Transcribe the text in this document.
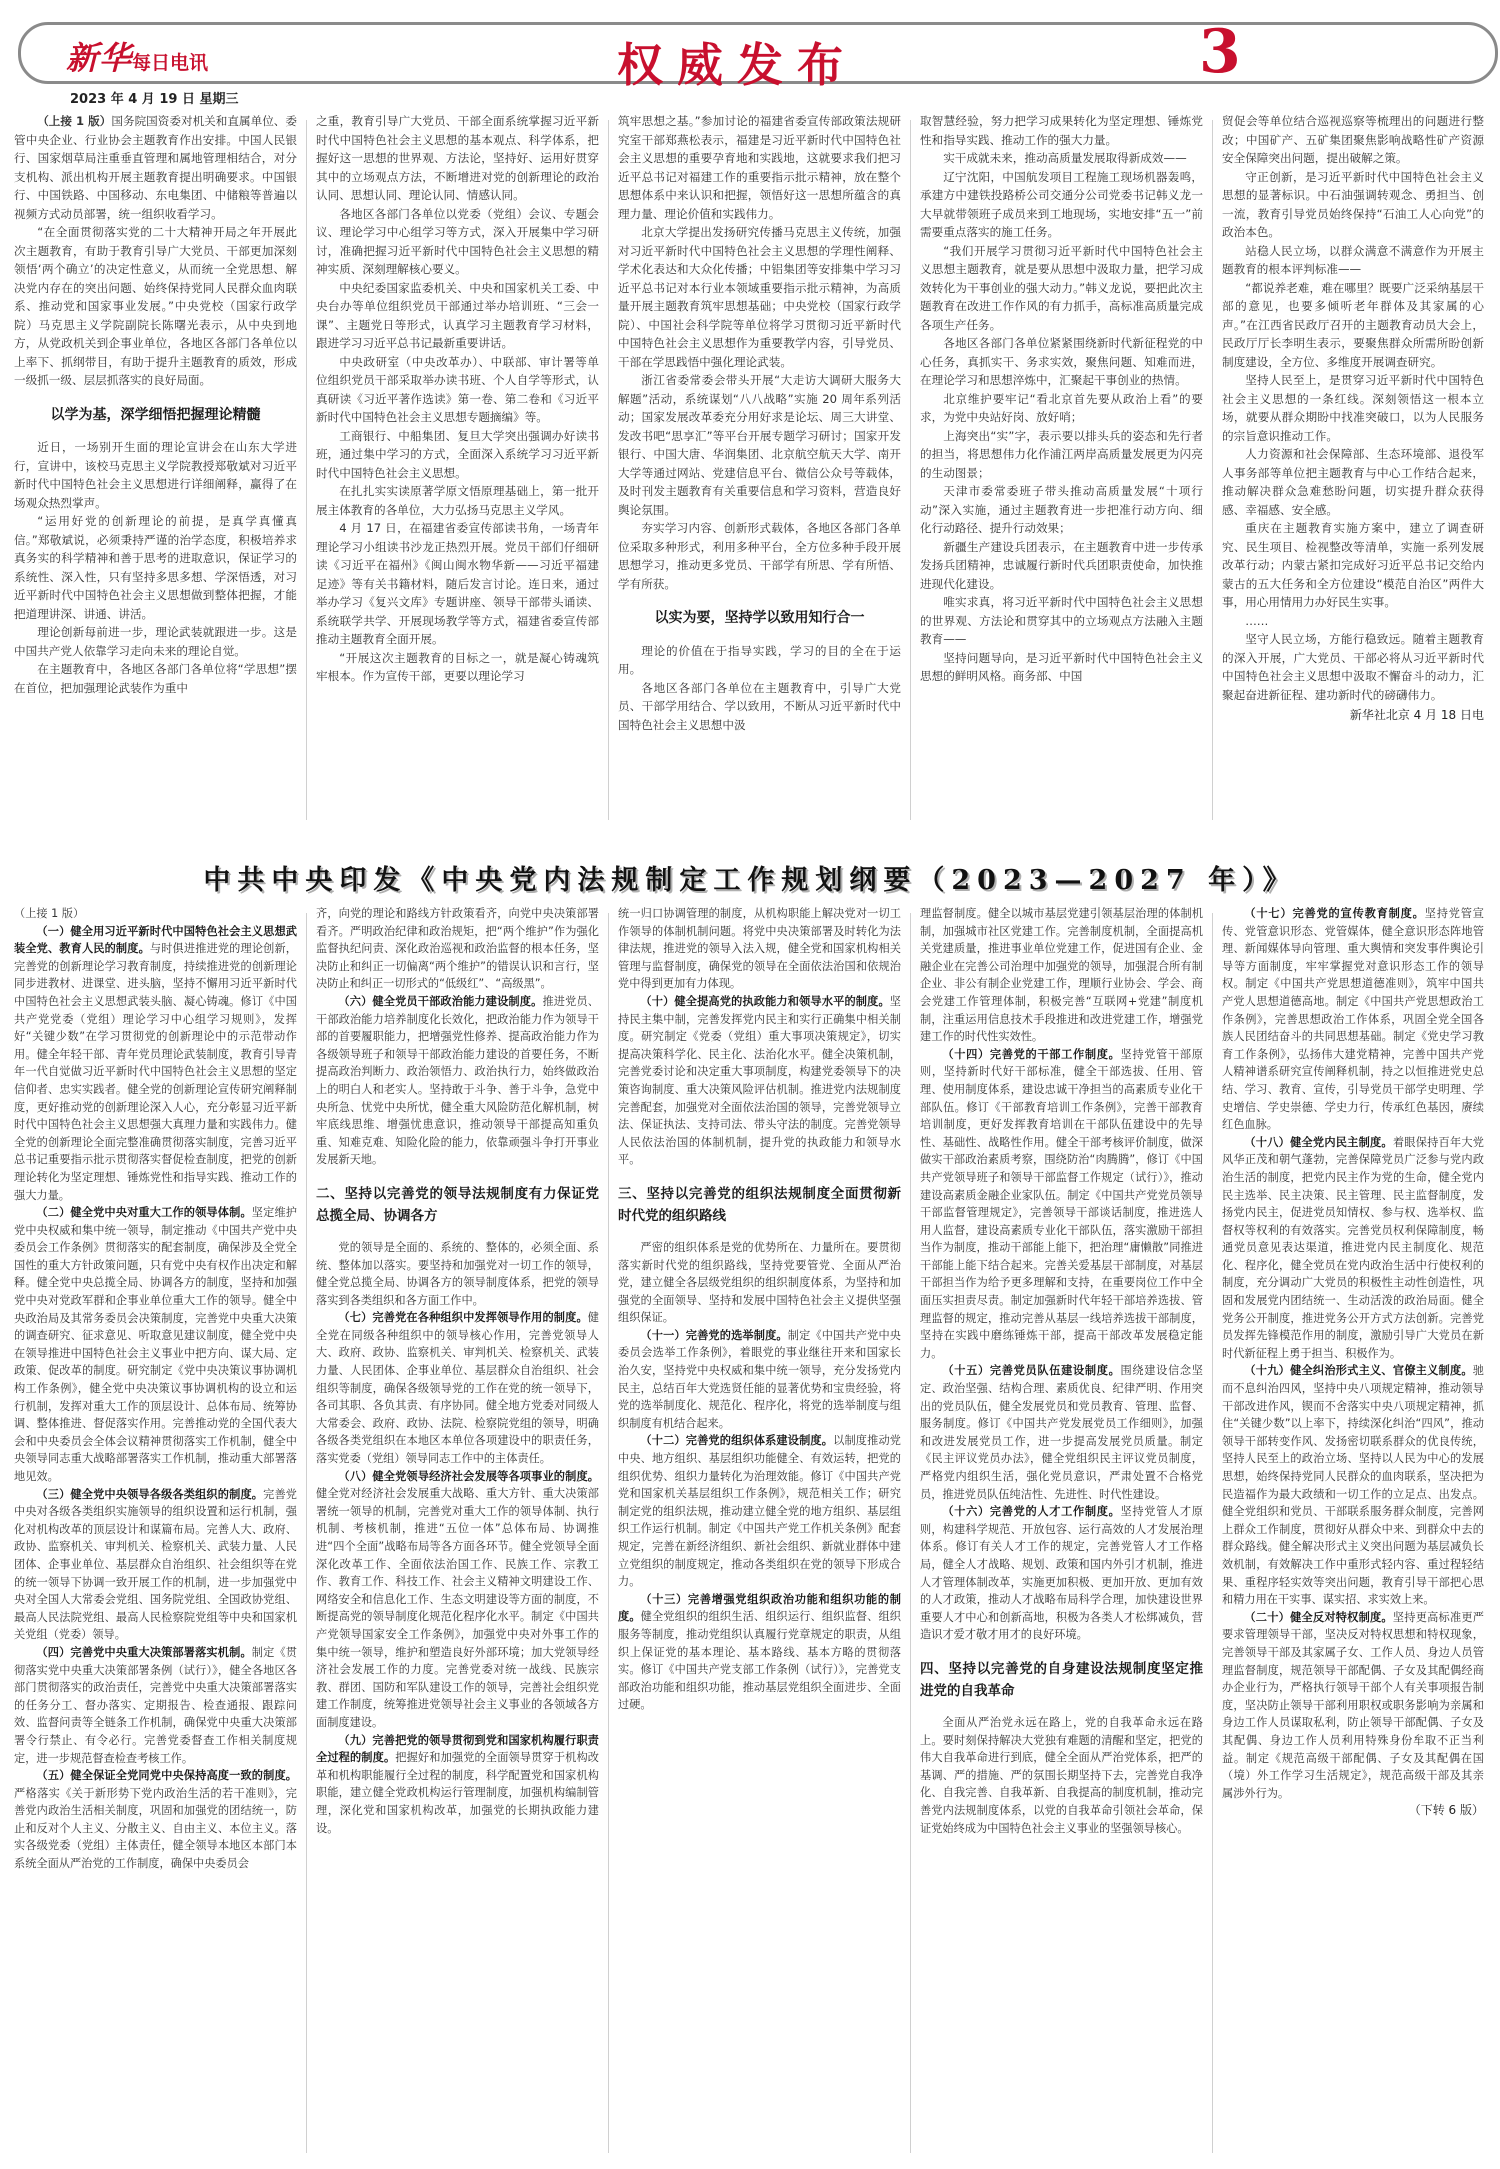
新华每日电讯	权威发布	3
2023 年 4 月 19 日 星期三

（上接 1 版）国务院国资委对机关和直属单位、委管中央企业、行业协会主题教育作出安排。中国人民银行、国家烟草局注重垂直管理和属地管理相结合，对分支机构、派出机构开展主题教育提出明确要求。中国银行、中国铁路、中国移动、东电集团、中储粮等普遍以视频方式动员部署，统一组织收看学习。

“在全面贯彻落实党的二十大精神开局之年开展此次主题教育，有助于教育引导广大党员、干部更加深刻领悟‘两个确立’的决定性意义，从而统一全党思想、解决党内存在的突出问题、始终保持党同人民群众血肉联系、推动党和国家事业发展。”中央党校（国家行政学院）马克思主义学院副院长陈曙光表示，从中央到地方，从党政机关到企事业单位，各地区各部门各单位以上率下、抓纲带目，有助于提升主题教育的质效，形成一级抓一级、层层抓落实的良好局面。

以学为基，深学细悟把握理论精髓

近日，一场别开生面的理论宣讲会在山东大学进行，宣讲中，该校马克思主义学院教授郑敬斌对习近平新时代中国特色社会主义思想进行详细阐释，赢得了在场观众热烈掌声。

“运用好党的创新理论的前提，是真学真懂真信。”郑敬斌说，必须秉持严谨的治学态度，积极培养求真务实的科学精神和善于思考的进取意识，保证学习的系统性、深入性，只有坚持多思多想、学深悟透，对习近平新时代中国特色社会主义思想做到整体把握，才能把道理讲深、讲通、讲活。

理论创新每前进一步，理论武装就跟进一步。这是中国共产党人依靠学习走向未来的理论自觉。

在主题教育中，各地区各部门各单位将“学思想”摆在首位，把加强理论武装作为重中

之重，教育引导广大党员、干部全面系统掌握习近平新时代中国特色社会主义思想的基本观点、科学体系，把握好这一思想的世界观、方法论，坚持好、运用好贯穿其中的立场观点方法，不断增进对党的创新理论的政治认同、思想认同、理论认同、情感认同。

各地区各部门各单位以党委（党组）会议、专题会议、理论学习中心组学习等方式，深入开展集中学习研讨，准确把握习近平新时代中国特色社会主义思想的精神实质、深刻理解核心要义。

中央纪委国家监委机关、中央和国家机关工委、中央台办等单位组织党员干部通过举办培训班、“三会一课”、主题党日等形式，认真学习主题教育学习材料，跟进学习习近平总书记最新重要讲话。

中央政研室（中央改革办）、中联部、审计署等单位组织党员干部采取举办读书班、个人自学等形式，认真研读《习近平著作选读》第一卷、第二卷和《习近平新时代中国特色社会主义思想专题摘编》等。

工商银行、中船集团、复旦大学突出强调办好读书班，通过集中学习的方式，全面深入系统学习习近平新时代中国特色社会主义思想。

在扎扎实实读原著学原文悟原理基础上，第一批开展主体教育的各单位，大力弘扬马克思主义学风。

4 月 17 日，在福建省委宣传部读书角，一场青年理论学习小组读书沙龙正热烈开展。党员干部们仔细研读《习近平在福州》《闽山闽水物华新——习近平福建足迹》等有关书籍材料，随后发言讨论。连日来，通过举办学习《复兴文库》专题讲座、领导干部带头诵读、系统联学共学、开展现场教学等方式，福建省委宣传部推动主题教育全面开展。

“开展这次主题教育的目标之一，就是凝心铸魂筑牢根本。作为宣传干部，更要以理论学习

筑牢思想之基。”参加讨论的福建省委宣传部政策法规研究室干部郑燕松表示，福建是习近平新时代中国特色社会主义思想的重要孕育地和实践地，这就要求我们把习近平总书记对福建工作的重要指示批示精神，放在整个思想体系中来认识和把握，领悟好这一思想所蕴含的真理力量、理论价值和实践伟力。

北京大学提出发扬研究传播马克思主义传统，加强对习近平新时代中国特色社会主义思想的学理性阐释、学术化表达和大众化传播；中铝集团等安排集中学习习近平总书记对本行业本领域重要指示批示精神，为高质量开展主题教育筑牢思想基础；中央党校（国家行政学院）、中国社会科学院等单位将学习贯彻习近平新时代中国特色社会主义思想作为重要教学内容，引导党员、干部在学思践悟中强化理论武装。

浙江省委常委会带头开展“大走访大调研大服务大解题”活动，系统谋划“八八战略”实施 20 周年系列活动；国家发展改革委充分用好求是论坛、周三大讲堂、发改书吧“思享汇”等平台开展专题学习研讨；国家开发银行、中国大唐、华润集团、北京航空航天大学、南开大学等通过网站、党建信息平台、微信公众号等载体，及时刊发主题教育有关重要信息和学习资料，营造良好舆论氛围。

夯实学习内容、创新形式载体，各地区各部门各单位采取多种形式，利用多种平台，全方位多种手段开展思想学习，推动更多党员、干部学有所思、学有所悟、学有所获。

以实为要，坚持学以致用知行合一

理论的价值在于指导实践，学习的目的全在于运用。

各地区各部门各单位在主题教育中，引导广大党员、干部学用结合、学以致用，不断从习近平新时代中国特色社会主义思想中汲

取智慧经验，努力把学习成果转化为坚定理想、锤炼党性和指导实践、推动工作的强大力量。

实干成就未来，推动高质量发展取得新成效——

辽宁沈阳，中国航发项目工程施工现场机器轰鸣，承建方中建铁投路桥公司交通分公司党委书记韩义龙一大早就带领班子成员来到工地现场，实地安排“五一”前需要重点落实的施工任务。

“我们开展学习贯彻习近平新时代中国特色社会主义思想主题教育，就是要从思想中汲取力量，把学习成效转化为干事创业的强大动力。”韩义龙说，要把此次主题教育在改进工作作风的有力抓手，高标准高质量完成各项生产任务。

各地区各部门各单位紧紧围绕新时代新征程党的中心任务，真抓实干、务求实效，聚焦问题、知难而进，在理论学习和思想淬炼中，汇聚起干事创业的热情。

北京维护要牢记“看北京首先要从政治上看”的要求，为党中央站好岗、放好哨；

上海突出“实”字，表示要以排头兵的姿态和先行者的担当，将思想伟力化作浦江两岸高质量发展更为闪亮的生动图景；

天津市委常委班子带头推动高质量发展“十项行动”深入实施，通过主题教育进一步把准行动方向、细化行动路径、提升行动效果；

新疆生产建设兵团表示，在主题教育中进一步传承发扬兵团精神，忠诚履行新时代兵团职责使命，加快推进现代化建设。

唯实求真，将习近平新时代中国特色社会主义思想的世界观、方法论和贯穿其中的立场观点方法融入主题教育——

坚持问题导向，是习近平新时代中国特色社会主义思想的鲜明风格。商务部、中国

贸促会等单位结合巡视巡察等梳理出的问题进行整改；中国矿产、五矿集团聚焦影响战略性矿产资源安全保障突出问题，提出破解之策。

守正创新，是习近平新时代中国特色社会主义思想的显著标识。中石油强调转观念、勇担当、创一流，教育引导党员始终保持“石油工人心向党”的政治本色。

站稳人民立场，以群众满意不满意作为开展主题教育的根本评判标准——

“都说养老难，难在哪里？既要广泛采纳基层干部的意见，也要多倾听老年群体及其家属的心声。”在江西省民政厅召开的主题教育动员大会上，民政厅厅长李明生表示，要聚焦群众所需所盼创新制度建设，全方位、多维度开展调查研究。

坚持人民至上，是贯穿习近平新时代中国特色社会主义思想的一条红线。深刻领悟这一根本立场，就要从群众期盼中找准突破口，以为人民服务的宗旨意识推动工作。

人力资源和社会保障部、生态环境部、退役军人事务部等单位把主题教育与中心工作结合起来，推动解决群众急难愁盼问题，切实提升群众获得感、幸福感、安全感。

重庆在主题教育实施方案中，建立了调查研究、民生项目、检视整改等清单，实施一系列发展改革行动；内蒙古紧扣完成好习近平总书记交给内蒙古的五大任务和全方位建设“模范自治区”两件大事，用心用情用力办好民生实事。

……

坚守人民立场，方能行稳致远。随着主题教育的深入开展，广大党员、干部必将从习近平新时代中国特色社会主义思想中汲取不懈奋斗的动力，汇聚起奋进新征程、建功新时代的磅礴伟力。

新华社北京 4 月 18 日电

中共中央印发《中央党内法规制定工作规划纲要（2023—2027 年）》

（上接 1 版）

（一）健全用习近平新时代中国特色社会主义思想武装全党、教育人民的制度。与时俱进推进党的理论创新，完善党的创新理论学习教育制度，持续推进党的创新理论同步进教材、进课堂、进头脑，坚持不懈用习近平新时代中国特色社会主义思想武装头脑、凝心铸魂。修订《中国共产党党委（党组）理论学习中心组学习规则》，发挥好“关键少数”在学习贯彻党的创新理论中的示范带动作用。健全年轻干部、青年党员理论武装制度，教育引导青年一代自觉做习近平新时代中国特色社会主义思想的坚定信仰者、忠实实践者。健全党的创新理论宣传研究阐释制度，更好推动党的创新理论深入人心，充分彰显习近平新时代中国特色社会主义思想强大真理力量和实践伟力。健全党的创新理论全面完整准确贯彻落实制度，完善习近平总书记重要指示批示贯彻落实督促检查制度，把党的创新理论转化为坚定理想、锤炼党性和指导实践、推动工作的强大力量。

（二）健全党中央对重大工作的领导体制。坚定维护党中央权威和集中统一领导，制定推动《中国共产党中央委员会工作条例》贯彻落实的配套制度，确保涉及全党全国性的重大方针政策问题，只有党中央有权作出决定和解释。健全党中央总揽全局、协调各方的制度，坚持和加强党中央对党政军群和企事业单位重大工作的领导。健全中央政治局及其常务委员会决策制度，完善党中央重大决策的调查研究、征求意见、听取意见建议制度，健全党中央在领导推进中国特色社会主义事业中把方向、谋大局、定政策、促改革的制度。研究制定《党中央决策议事协调机构工作条例》，健全党中央决策议事协调机构的设立和运行机制，发挥对重大工作的顶层设计、总体布局、统筹协调、整体推进、督促落实作用。完善推动党的全国代表大会和中央委员会全体会议精神贯彻落实工作机制，健全中央领导同志重大战略部署落实工作机制，推动重大部署落地见效。

（三）健全党中央领导各级各类组织的制度。完善党中央对各级各类组织实施领导的组织设置和运行机制，强化对机构改革的顶层设计和谋篇布局。完善人大、政府、政协、监察机关、审判机关、检察机关、武装力量、人民团体、企事业单位、基层群众自治组织、社会组织等在党的统一领导下协调一致开展工作的机制，进一步加强党中央对全国人大常委会党组、国务院党组、全国政协党组、最高人民法院党组、最高人民检察院党组等中央和国家机关党组（党委）领导。

（四）完善党中央重大决策部署落实机制。制定《贯彻落实党中央重大决策部署条例（试行）》，健全各地区各部门贯彻落实的政治责任，完善党中央重大决策部署落实的任务分工、督办落实、定期报告、检查通报、跟踪问效、监督问责等全链条工作机制，确保党中央重大决策部署令行禁止、有令必行。完善党委督查工作相关制度规定，进一步规范督查检查考核工作。

（五）健全保证全党同党中央保持高度一致的制度。严格落实《关于新形势下党内政治生活的若干准则》，完善党内政治生活相关制度，巩固和加强党的团结统一，防止和反对个人主义、分散主义、自由主义、本位主义。落实各级党委（党组）主体责任，健全领导本地区本部门本系统全面从严治党的工作制度，确保中央委员会

齐，向党的理论和路线方针政策看齐，向党中央决策部署看齐。严明政治纪律和政治规矩，把“两个维护”作为强化监督执纪问责、深化政治巡视和政治监督的根本任务，坚决防止和纠正一切偏离“两个维护”的错误认识和言行，坚决防止和纠正一切形式的“低级红”、“高级黑”。

（六）健全党员干部政治能力建设制度。推进党员、干部政治能力培养制度化长效化，把政治能力作为领导干部的首要履职能力，把增强党性修养、提高政治能力作为各级领导班子和领导干部政治能力建设的首要任务，不断提高政治判断力、政治领悟力、政治执行力，始终做政治上的明白人和老实人。坚持敢于斗争、善于斗争，急党中央所急、忧党中央所忧，健全重大风险防范化解机制，树牢底线思维、增强忧患意识，推动领导干部提高知重负重、知难克难、知险化险的能力，依靠顽强斗争打开事业发展新天地。

二、坚持以完善党的领导法规制度有力保证党总揽全局、协调各方

党的领导是全面的、系统的、整体的，必须全面、系统、整体加以落实。要坚持和加强党对一切工作的领导，健全党总揽全局、协调各方的领导制度体系，把党的领导落实到各类组织和各方面工作中。

（七）完善党在各种组织中发挥领导作用的制度。健全党在同级各种组织中的领导核心作用，完善党领导人大、政府、政协、监察机关、审判机关、检察机关、武装力量、人民团体、企事业单位、基层群众自治组织、社会组织等制度，确保各级领导党的工作在党的统一领导下，各司其职、各负其责、有序协同。健全地方党委对同级人大常委会、政府、政协、法院、检察院党组的领导，明确各级各类党组织在本地区本单位各项建设中的职责任务，落实党委（党组）领导同志工作中的主体责任。

（八）健全党领导经济社会发展等各项事业的制度。健全党对经济社会发展重大战略、重大方针、重大决策部署统一领导的机制，完善党对重大工作的领导体制、执行机制、考核机制，推进“五位一体”总体布局、协调推进“四个全面”战略布局等各方面各环节。健全党领导全面深化改革工作、全面依法治国工作、民族工作、宗教工作、教育工作、科技工作、社会主义精神文明建设工作、网络安全和信息化工作、生态文明建设等方面的制度，不断提高党的领导制度化规范化程序化水平。制定《中国共产党领导国家安全工作条例》，加强党中央对外事工作的集中统一领导，维护和塑造良好外部环境；加大党领导经济社会发展工作的力度。完善党委对统一战线、民族宗教、群团、国防和军队建设工作的领导，完善社会组织党建工作制度，统筹推进党领导社会主义事业的各领域各方面制度建设。

（九）完善把党的领导贯彻到党和国家机构履行职责全过程的制度。把握好和加强党的全面领导贯穿于机构改革和机构职能履行全过程的制度，科学配置党和国家机构职能，建立健全党政机构运行管理制度，加强机构编制管理，深化党和国家机构改革，加强党的长期执政能力建设。

统一归口协调管理的制度，从机构职能上解决党对一切工作领导的体制机制问题。将党中央决策部署及时转化为法律法规，推进党的领导入法入规，健全党和国家机构相关管理与监督制度，确保党的领导在全面依法治国和依规治党中得到更加有力体现。

（十）健全提高党的执政能力和领导水平的制度。坚持民主集中制，完善发挥党内民主和实行正确集中相关制度。研究制定《党委（党组）重大事项决策规定》，切实提高决策科学化、民主化、法治化水平。健全决策机制，完善党委讨论和决定重大事项制度，构建党委领导下的决策咨询制度、重大决策风险评估机制。推进党内法规制度完善配套，加强党对全面依法治国的领导，完善党领导立法、保证执法、支持司法、带头守法的制度。完善党领导人民依法治国的体制机制，提升党的执政能力和领导水平。

三、坚持以完善党的组织法规制度全面贯彻新时代党的组织路线

严密的组织体系是党的优势所在、力量所在。要贯彻落实新时代党的组织路线，坚持党要管党、全面从严治党，建立健全各层级党组织的组织制度体系，为坚持和加强党的全面领导、坚持和发展中国特色社会主义提供坚强组织保证。

（十一）完善党的选举制度。制定《中国共产党中央委员会选举工作条例》，着眼党的事业继往开来和国家长治久安，坚持党中央权威和集中统一领导，充分发扬党内民主，总结百年大党选贤任能的显著优势和宝贵经验，将党的选举制度化、规范化、程序化，将党的选举制度与组织制度有机结合起来。

（十二）完善党的组织体系建设制度。以制度推动党中央、地方组织、基层组织功能健全、有效运转，把党的组织优势、组织力量转化为治理效能。修订《中国共产党党和国家机关基层组织工作条例》，规范相关工作；研究制定党的组织法规，推动建立健全党的地方组织、基层组织工作运行机制。制定《中国共产党工作机关条例》配套规定，完善在新经济组织、新社会组织、新就业群体中建立党组织的制度规定，推动各类组织在党的领导下形成合力。

（十三）完善增强党组织政治功能和组织功能的制度。健全党组织的组织生活、组织运行、组织监督、组织服务等制度，推动党组织认真履行党章规定的职责，从组织上保证党的基本理论、基本路线、基本方略的贯彻落实。修订《中国共产党支部工作条例（试行）》，完善党支部政治功能和组织功能，推动基层党组织全面进步、全面过硬。

理监督制度。健全以城市基层党建引领基层治理的体制机制，加强城市社区党建工作。完善制度机制，全面提高机关党建质量，推进事业单位党建工作，促进国有企业、金融企业在完善公司治理中加强党的领导，加强混合所有制企业、非公有制企业党建工作，理顺行业协会、学会、商会党建工作管理体制，积极完善“互联网+党建”制度机制，注重运用信息技术手段推进和改进党建工作，增强党建工作的时代性实效性。

（十四）完善党的干部工作制度。坚持党管干部原则，坚持新时代好干部标准，健全干部选拔、任用、管理、使用制度体系，建设忠诚干净担当的高素质专业化干部队伍。修订《干部教育培训工作条例》，完善干部教育培训制度，更好发挥教育培训在干部队伍建设中的先导性、基础性、战略性作用。健全干部考核评价制度，做深做实干部政治素质考察，围绕防治“肉腾腾”，修订《中国共产党领导班子和领导干部监督工作规定（试行）》，推动建设高素质金融企业家队伍。制定《中国共产党党员领导干部监督管理规定》，完善领导干部谈话制度，推进选人用人监督，建设高素质专业化干部队伍，落实激励干部担当作为制度，推动干部能上能下，把治理“庸懒散”同推进干部能上能下结合起来。完善关爱基层干部制度，对基层干部担当作为给予更多理解和支持，在重要岗位工作中全面压实担责尽责。制定加强新时代年轻干部培养选拔、管理监督的规定，推动完善从基层一线培养选拔干部制度，坚持在实践中磨练锤炼干部，提高干部改革发展稳定能力。

（十五）完善党员队伍建设制度。围绕建设信念坚定、政治坚强、结构合理、素质优良、纪律严明、作用突出的党员队伍，健全发展党员和党员教育、管理、监督、服务制度。修订《中国共产党发展党员工作细则》，加强和改进发展党员工作，进一步提高发展党员质量。制定《民主评议党员办法》，健全党组织民主评议党员制度，严格党内组织生活，强化党员意识，严肃处置不合格党员，推进党员队伍纯洁性、先进性、时代性建设。

（十六）完善党的人才工作制度。坚持党管人才原则，构建科学规范、开放包容、运行高效的人才发展治理体系。修订有关人才工作的规定，完善党管人才工作格局，健全人才战略、规划、政策和国内外引才机制，推进人才管理体制改革，实施更加积极、更加开放、更加有效的人才政策，推动人才战略布局科学合理，加快建设世界重要人才中心和创新高地，积极为各类人才松绑减负，营造识才爱才敬才用才的良好环境。

四、坚持以完善党的自身建设法规制度坚定推进党的自我革命

全面从严治党永远在路上，党的自我革命永远在路上。要时刻保持解决大党独有难题的清醒和坚定，把党的伟大自我革命进行到底，健全全面从严治党体系，把严的基调、严的措施、严的氛围长期坚持下去，完善党自我净化、自我完善、自我革新、自我提高的制度机制，推动完善党内法规制度体系，以党的自我革命引领社会革命，保证党始终成为中国特色社会主义事业的坚强领导核心。

（十七）完善党的宣传教育制度。坚持党管宣传、党管意识形态、党管媒体，健全意识形态阵地管理、新闻媒体导向管理、重大舆情和突发事件舆论引导等方面制度，牢牢掌握党对意识形态工作的领导权。制定《中国共产党思想道德准则》，筑牢中国共产党人思想道德高地。制定《中国共产党思想政治工作条例》，完善思想政治工作体系，巩固全党全国各族人民团结奋斗的共同思想基础。制定《党史学习教育工作条例》，弘扬伟大建党精神，完善中国共产党人精神谱系研究宣传阐释机制，持之以恒推进党史总结、学习、教育、宣传，引导党员干部学史明理、学史增信、学史崇德、学史力行，传承红色基因，赓续红色血脉。

（十八）健全党内民主制度。着眼保持百年大党风华正茂和朝气蓬勃，完善保障党员广泛参与党内政治生活的制度，把党内民主作为党的生命，健全党内民主选举、民主决策、民主管理、民主监督制度，发扬党内民主，促进党员知情权、参与权、选举权、监督权等权利的有效落实。完善党员权利保障制度，畅通党员意见表达渠道，推进党内民主制度化、规范化、程序化，健全党员在党内政治生活中行使权利的制度，充分调动广大党员的积极性主动性创造性，巩固和发展党内团结统一、生动活泼的政治局面。健全党务公开制度，推进党务公开方式方法创新。完善党员发挥先锋模范作用的制度，激励引导广大党员在新时代新征程上勇于担当、积极作为。

（十九）健全纠治形式主义、官僚主义制度。驰而不息纠治四风，坚持中央八项规定精神，推动领导干部改进作风，锲而不舍落实中央八项规定精神，抓住“关键少数”以上率下，持续深化纠治“四风”，推动领导干部转变作风、发扬密切联系群众的优良传统，坚持人民至上的政治立场、坚持以人民为中心的发展思想，始终保持党同人民群众的血肉联系，坚决把为民造福作为最大政绩和一切工作的立足点、出发点。健全党组织和党员、干部联系服务群众制度，完善网上群众工作制度，贯彻好从群众中来、到群众中去的群众路线。健全解决形式主义突出问题为基层减负长效机制，有效解决工作中重形式轻内容、重过程轻结果、重程序轻实效等突出问题，教育引导干部把心思和精力用在干实事、谋实招、求实效上来。

（二十）健全反对特权制度。坚持更高标准更严要求管理领导干部，坚决反对特权思想和特权现象，完善领导干部及其家属子女、工作人员、身边人员管理监督制度，规范领导干部配偶、子女及其配偶经商办企业行为，严格执行领导干部个人有关事项报告制度，坚决防止领导干部利用职权或职务影响为亲属和身边工作人员谋取私利，防止领导干部配偶、子女及其配偶、身边工作人员利用特殊身份牟取不正当利益。制定《规范高级干部配偶、子女及其配偶在国（境）外工作学习生活规定》，规范高级干部及其亲属涉外行为。

（下转 6 版）
